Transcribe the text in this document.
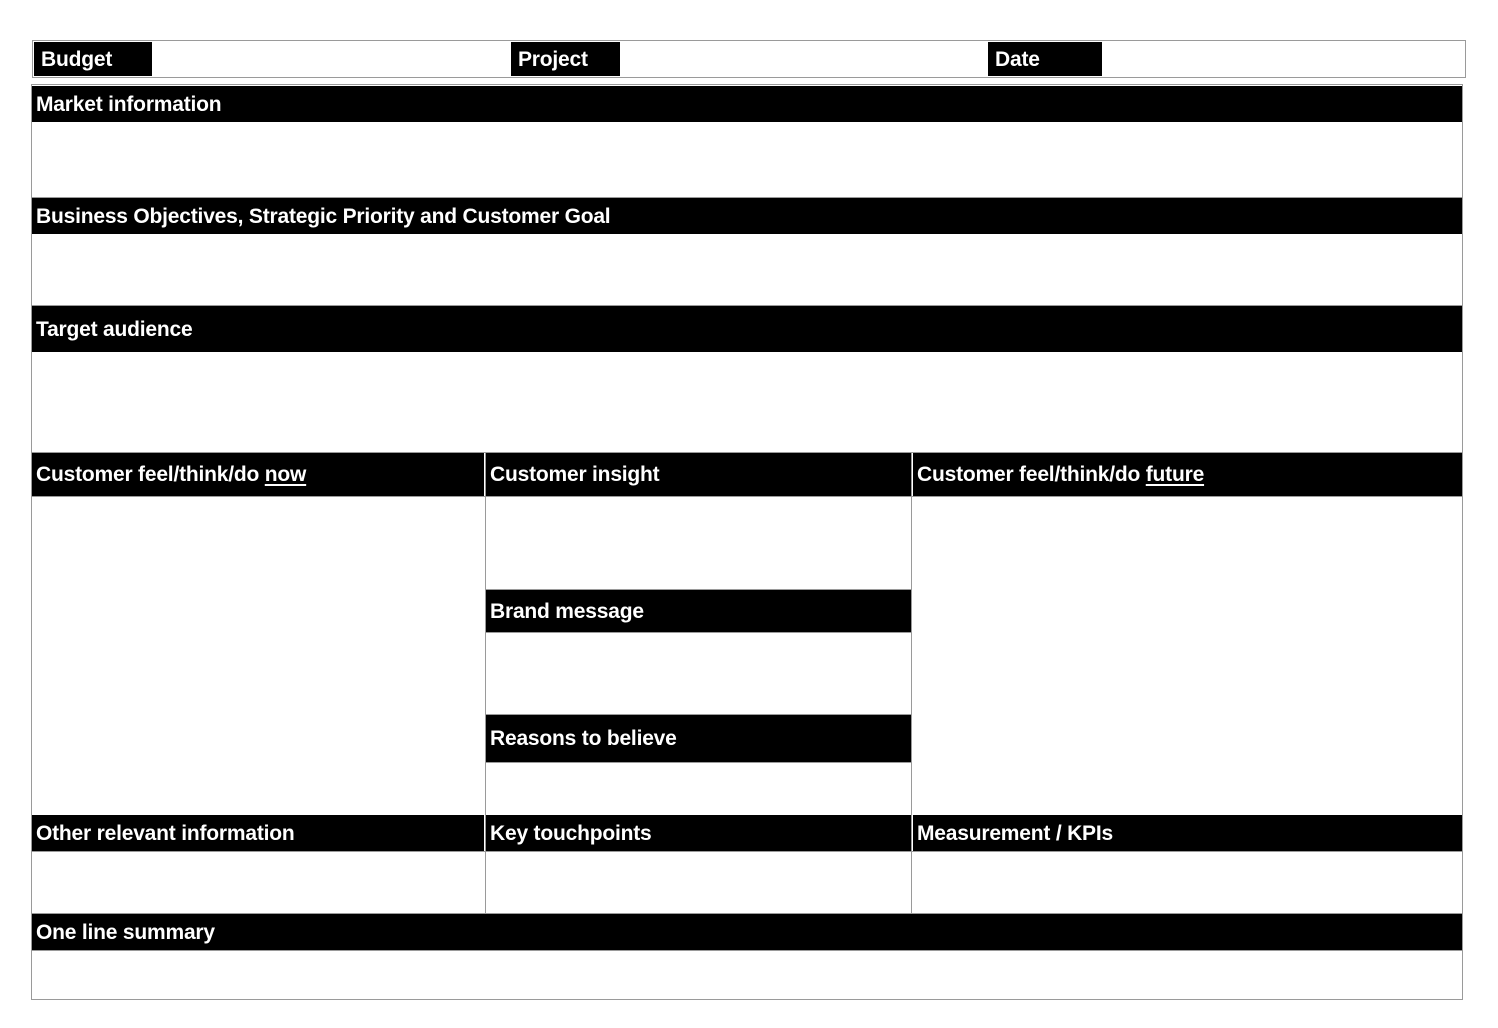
Budget	Project	Date
Market information
Business Objectives, Strategic Priority and Customer Goal
Target audience
Customer feel/think/do now	Customer insight	Customer feel/think/do future
Brand message
Reasons to believe
Other relevant information	Key touchpoints	Measurement / KPIs
One line summary
